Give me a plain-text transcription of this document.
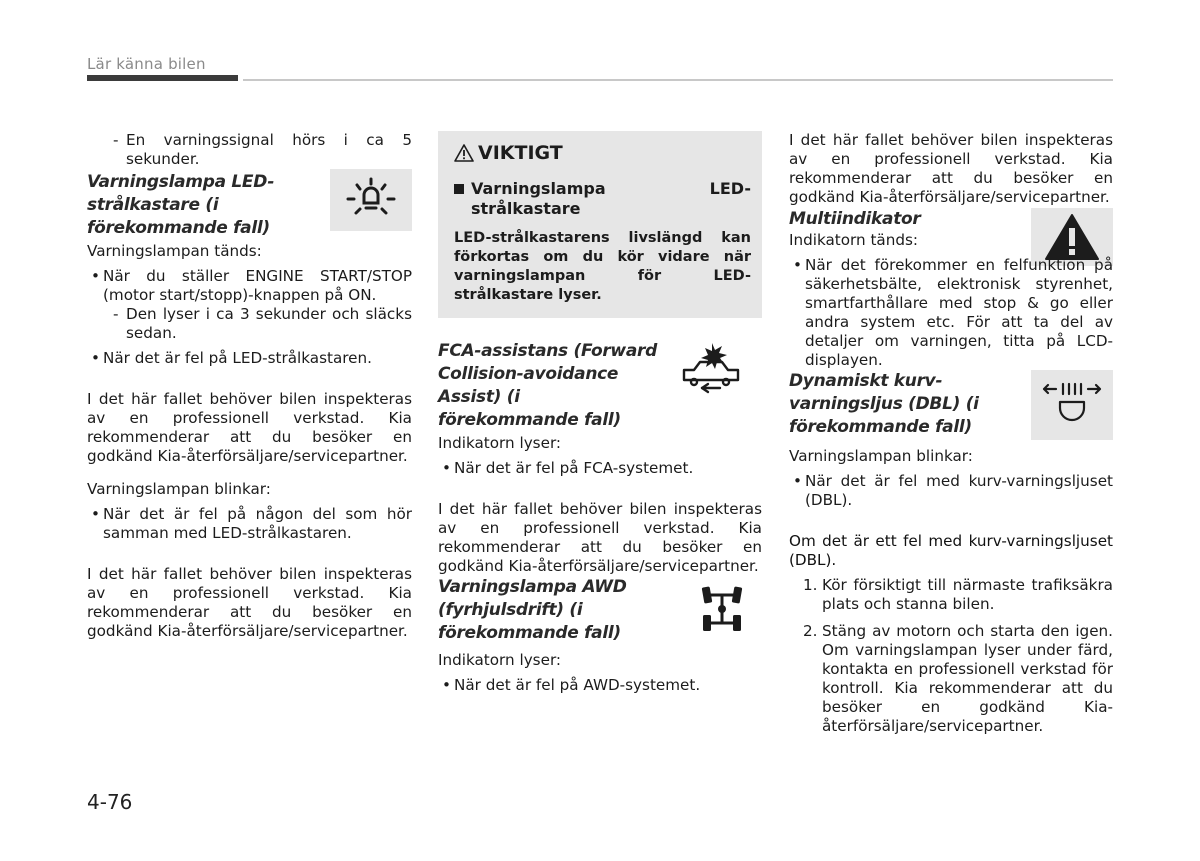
Lär känna bilen
- En varningssignal hörs i ca 5 sekunder.
Varningslampa LED-strålkastare (i förekommande fall)

Varningslampan tänds:

• När du ställer ENGINE START/STOP (motor start/stopp)-knappen på ON.
- Den lyser i ca 3 sekunder och släcks sedan.
• När det är fel på LED-strålkastaren.

I det här fallet behöver bilen inspekteras av en professionell verkstad. Kia rekommenderar att du besöker en godkänd Kia-återförsäljare/servicepartner.

Varningslampan blinkar:

• När det är fel på någon del som hör samman med LED-strålkastaren.

I det här fallet behöver bilen inspekteras av en professionell verkstad. Kia rekommenderar att du besöker en godkänd Kia-återförsäljare/servicepartner.

VIKTIGT
Varningslampa LED-strålkastare
LED-strålkastarens livslängd kan förkortas om du kör vidare när varningslampan för LED-strålkastare lyser.
FCA-assistans (Forward Collision-avoidance Assist) (i förekommande fall)

Indikatorn lyser:

• När det är fel på FCA-systemet.

I det här fallet behöver bilen inspekteras av en professionell verkstad. Kia rekommenderar att du besöker en godkänd Kia-återförsäljare/servicepartner.

Varningslampa AWD (fyrhjulsdrift) (i förekommande fall)

Indikatorn lyser:

• När det är fel på AWD-systemet.

I det här fallet behöver bilen inspekteras av en professionell verkstad. Kia rekommenderar att du besöker en godkänd Kia-återförsäljare/servicepartner.

Multiindikator

Indikatorn tänds:

• När det förekommer en felfunktion på säkerhetsbälte, elektronisk styrenhet, smartfarthållare med stop & go eller andra system etc. För att ta del av detaljer om varningen, titta på LCD-displayen.
Dynamiskt kurv-varningsljus (DBL) (i förekommande fall)

Varningslampan blinkar:

• När det är fel med kurv-varningsljuset (DBL).

Om det är ett fel med kurv-varningsljuset (DBL).

1. Kör försiktigt till närmaste trafiksäkra plats och stanna bilen.
2. Stäng av motorn och starta den igen. Om varningslampan lyser under färd, kontakta en professionell verkstad för kontroll. Kia rekommenderar att du besöker en godkänd Kia-återförsäljare/servicepartner.
4-76
